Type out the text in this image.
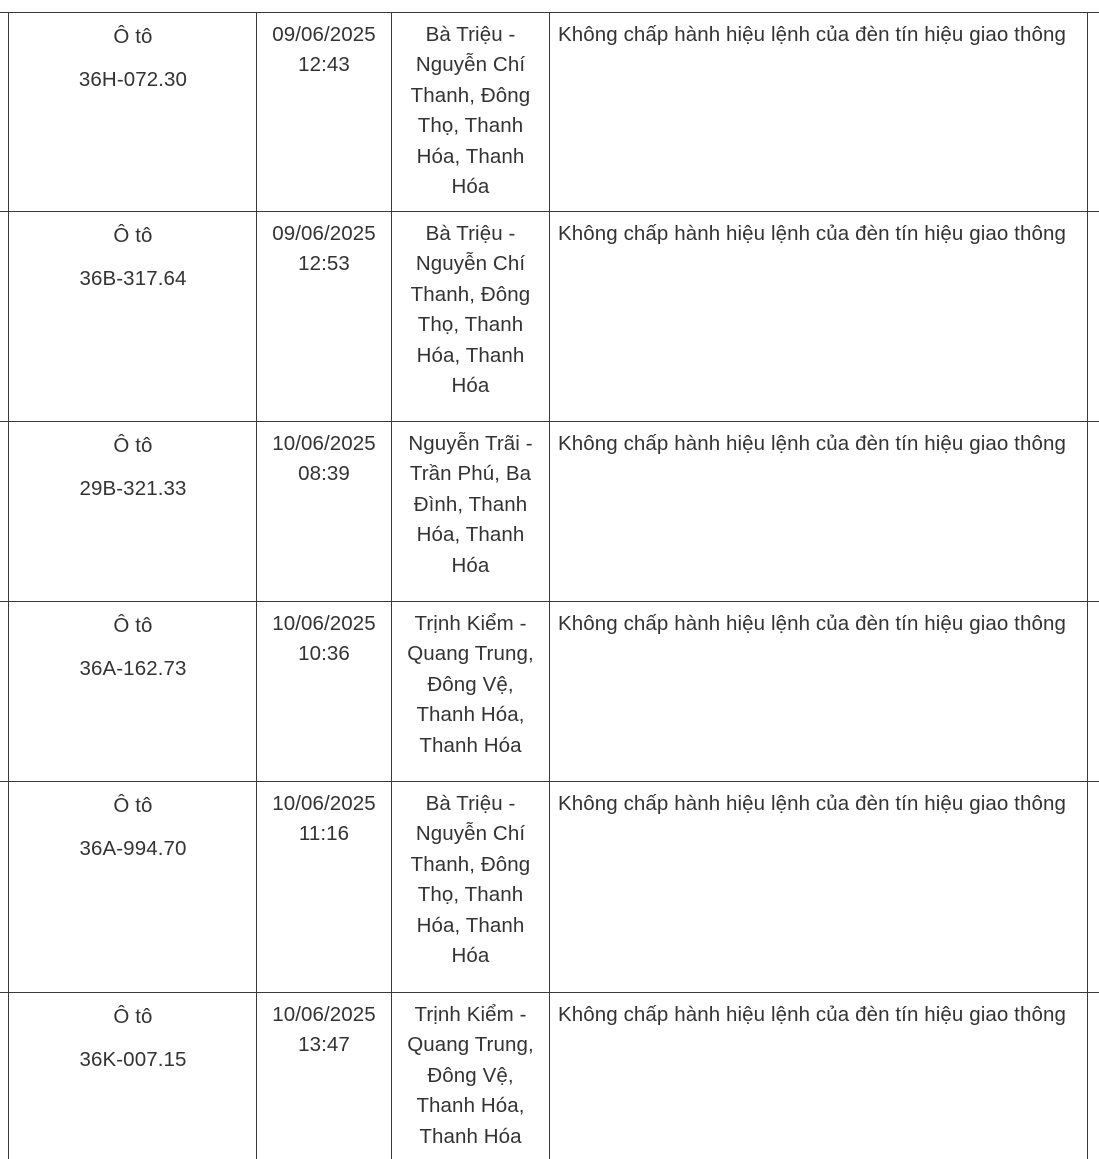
Ô tô
36H-072.30
09/06/2025
12:43
Bà Triệu - Nguyễn Chí Thanh, Đông Thọ, Thanh Hóa, Thanh Hóa
Không chấp hành hiệu lệnh của đèn tín hiệu giao thông
Ô tô
36B-317.64
09/06/2025
12:53
Bà Triệu - Nguyễn Chí Thanh, Đông Thọ, Thanh Hóa, Thanh Hóa
Không chấp hành hiệu lệnh của đèn tín hiệu giao thông
Ô tô
29B-321.33
10/06/2025
08:39
Nguyễn Trãi - Trần Phú, Ba Đình, Thanh Hóa, Thanh Hóa
Không chấp hành hiệu lệnh của đèn tín hiệu giao thông
Ô tô
36A-162.73
10/06/2025
10:36
Trịnh Kiểm - Quang Trung, Đông Vệ, Thanh Hóa, Thanh Hóa
Không chấp hành hiệu lệnh của đèn tín hiệu giao thông
Ô tô
36A-994.70
10/06/2025
11:16
Bà Triệu - Nguyễn Chí Thanh, Đông Thọ, Thanh Hóa, Thanh Hóa
Không chấp hành hiệu lệnh của đèn tín hiệu giao thông
Ô tô
36K-007.15
10/06/2025
13:47
Trịnh Kiểm - Quang Trung, Đông Vệ, Thanh Hóa, Thanh Hóa
Không chấp hành hiệu lệnh của đèn tín hiệu giao thông
